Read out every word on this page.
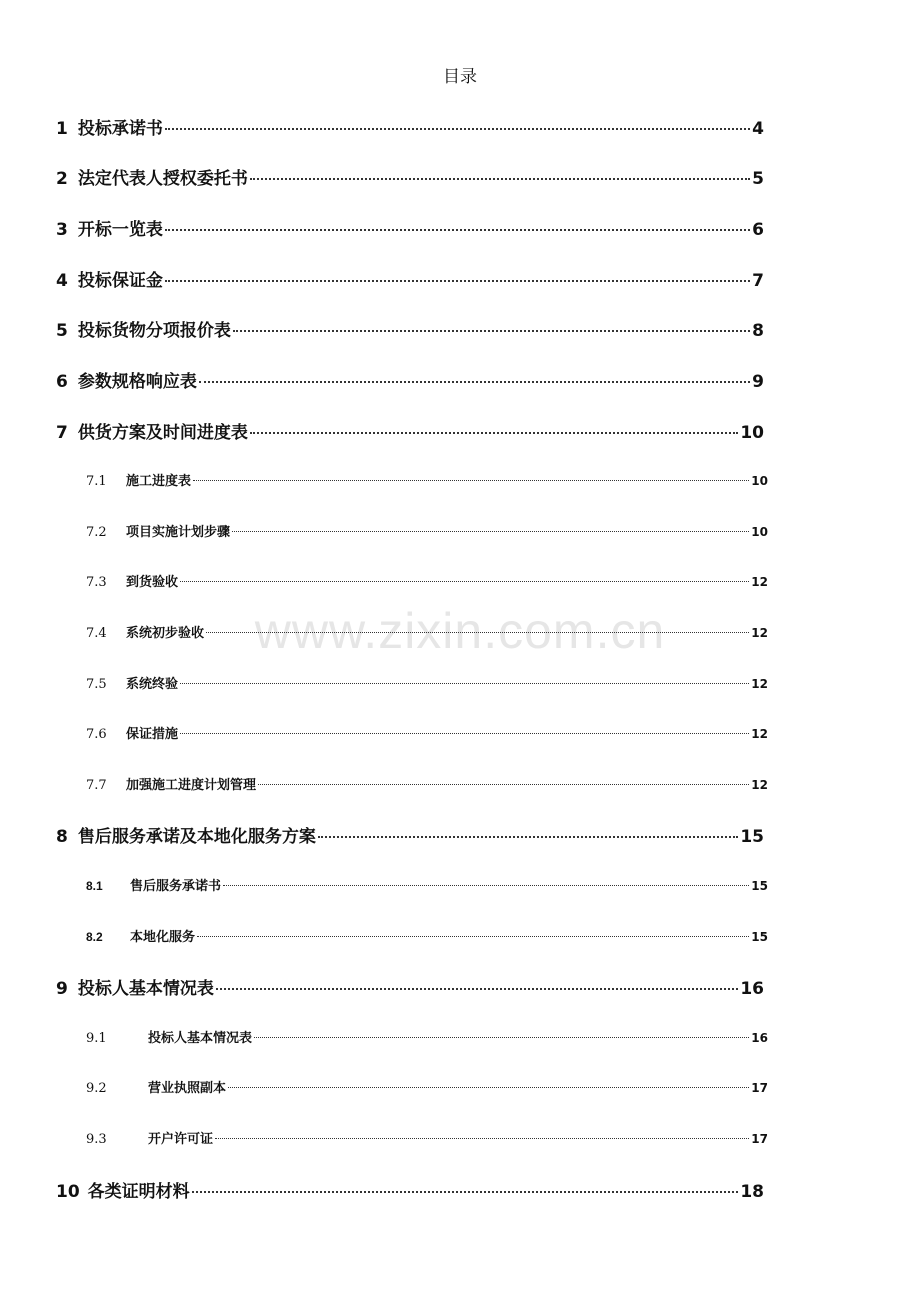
目录
www.zixin.com.cn
1 投标承诺书	4
2 法定代表人授权委托书	5
3 开标一览表	6
4 投标保证金	7
5 投标货物分项报价表	8
6 参数规格响应表	9
7 供货方案及时间进度表	10
7.1	施工进度表	10
7.2	项目实施计划步骤	10
7.3	到货验收	12
7.4	系统初步验收	12
7.5	系统终验	12
7.6	保证措施	12
7.7	加强施工进度计划管理	12
8 售后服务承诺及本地化服务方案	15
8.1	售后服务承诺书	15
8.2	本地化服务	15
9 投标人基本情况表	16
9.1	投标人基本情况表	16
9.2	营业执照副本	17
9.3	开户许可证	17
10 各类证明材料	18
